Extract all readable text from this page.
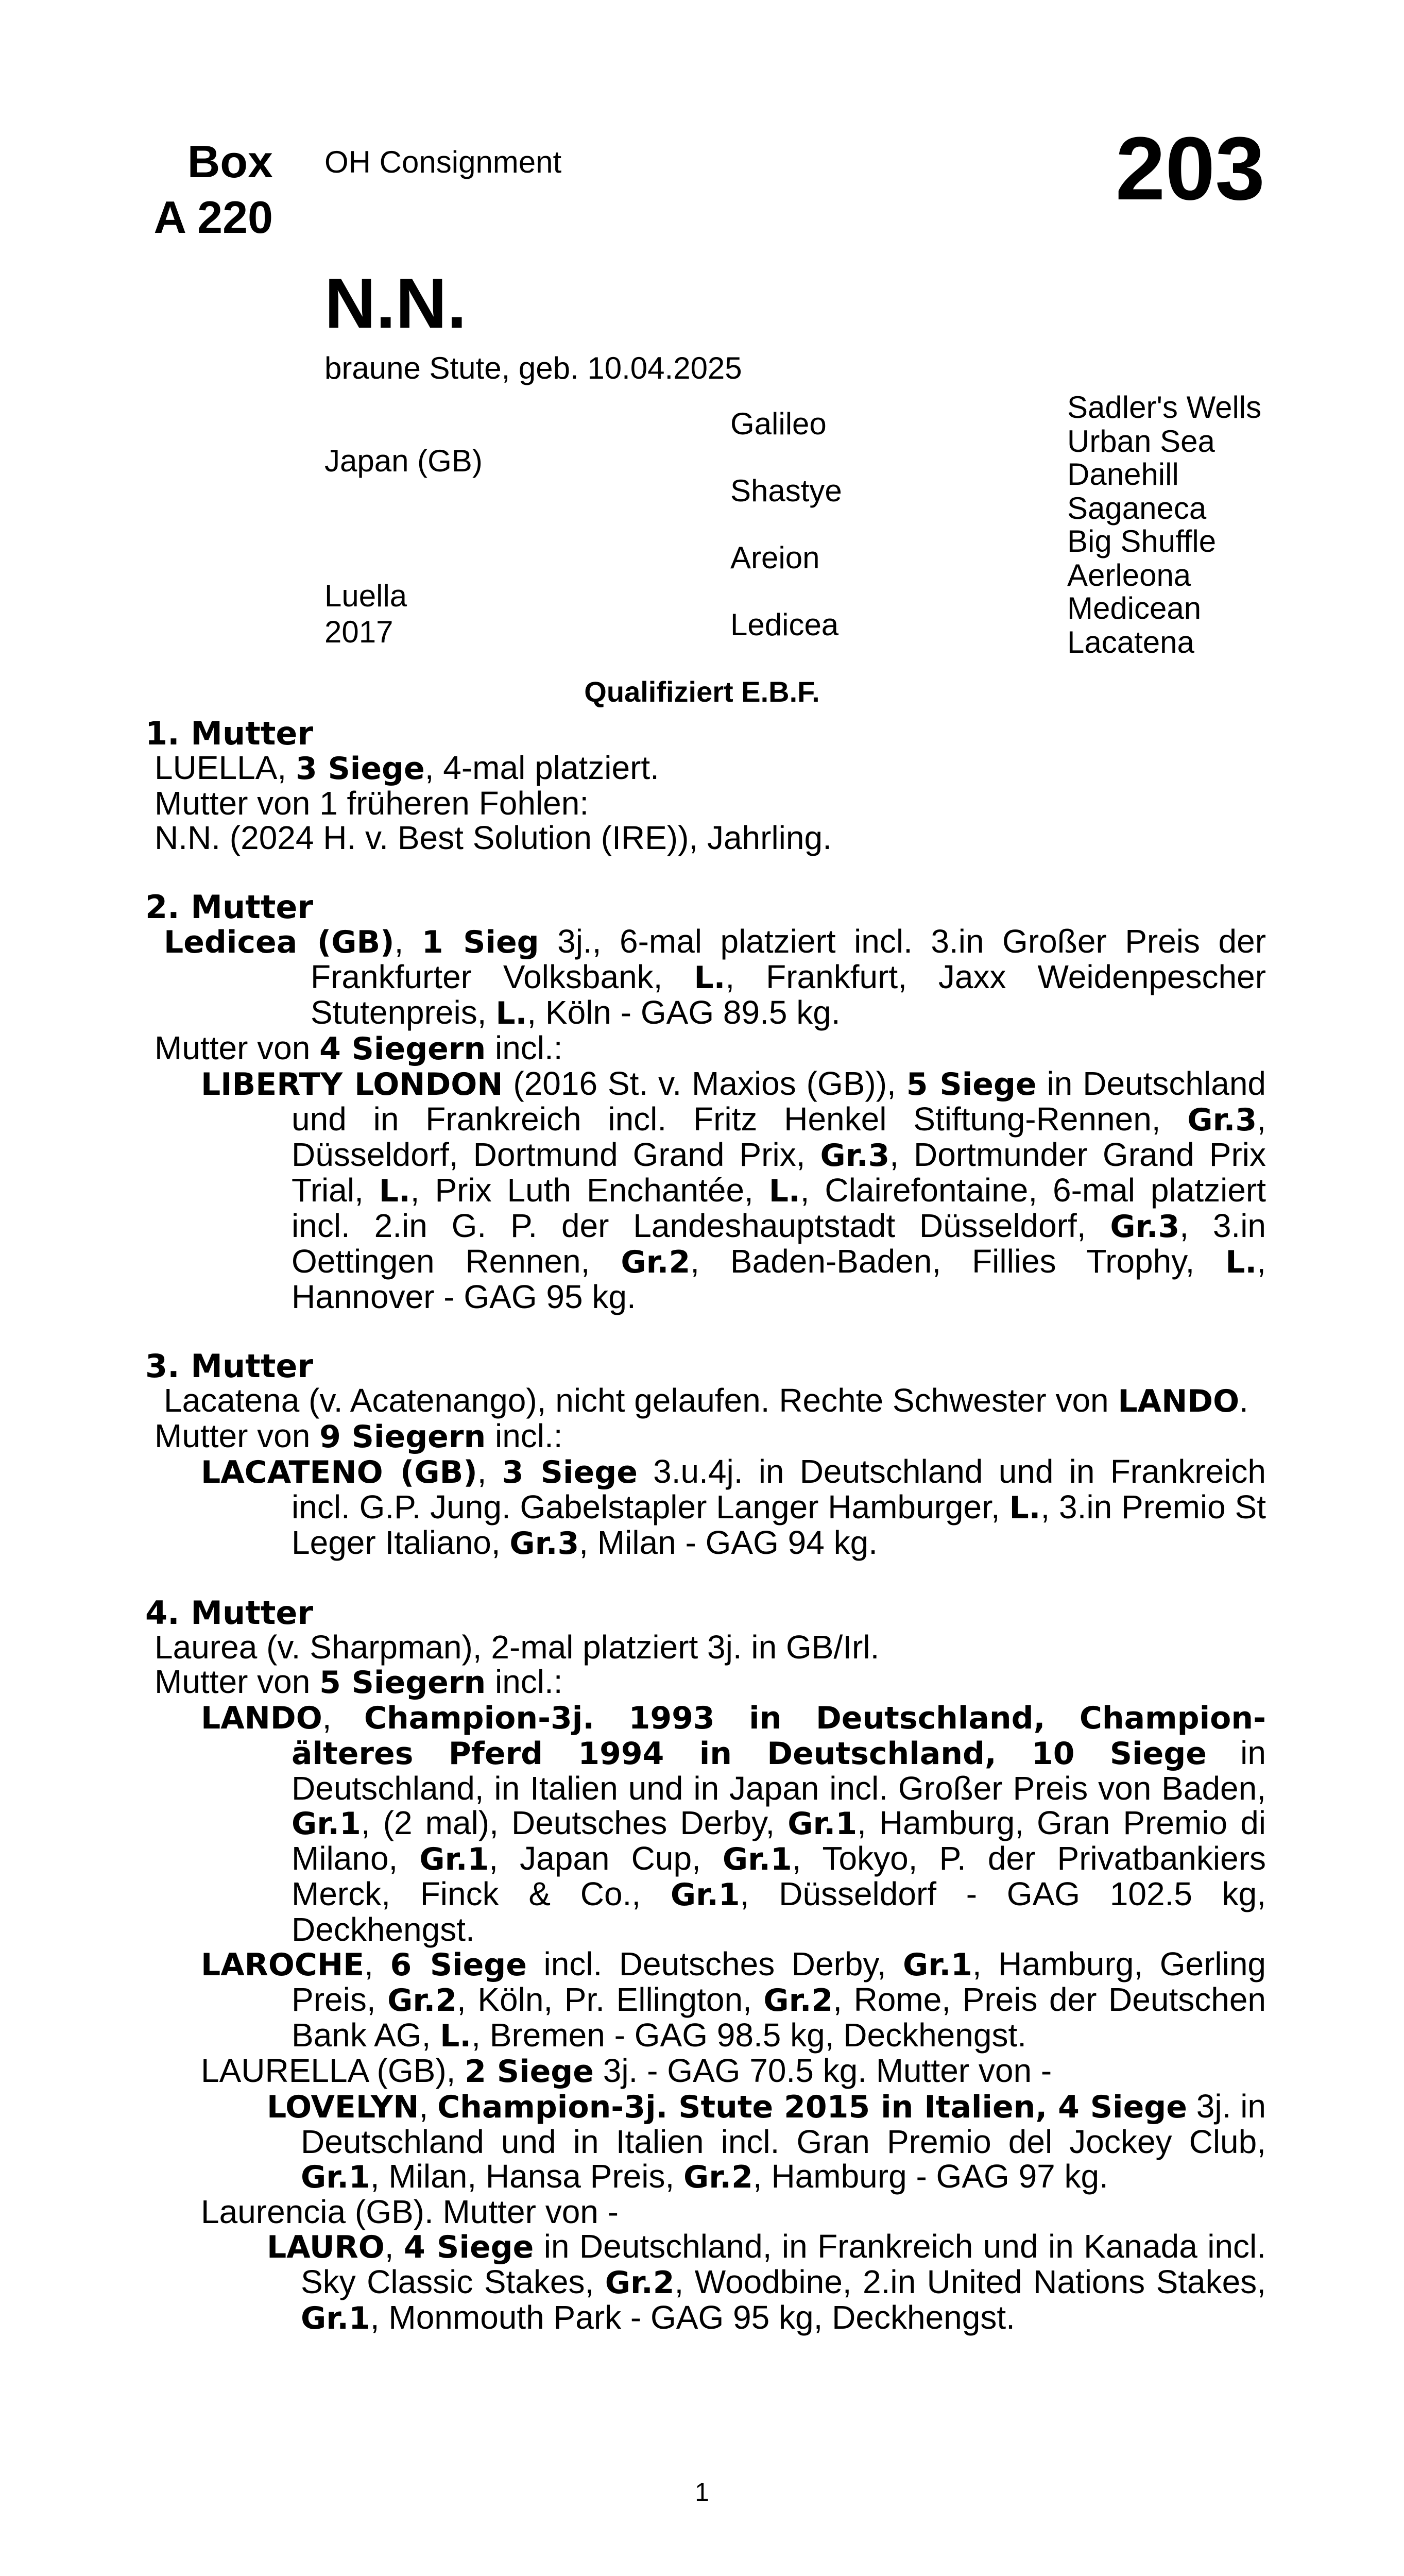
Box
A 220
OH Consignment	203
N.N.
braune Stute, geb. 10.04.2025
Japan (GB)
Luella
2017
Galileo
Shastye
Areion
Ledicea
Sadler's Wells
Urban Sea
Danehill
Saganeca
Big Shuffle
Aerleona
Medicean
Lacatena
Qualifiziert E.B.F.
1. Mutter
LUELLA, 3 Siege, 4-mal platziert.
Mutter von 1 früheren Fohlen:
N.N. (2024 H. v. Best Solution (IRE)), Jahrling.
2. Mutter
Ledicea (GB), 1 Sieg 3j., 6-mal platziert incl. 3.in Großer Preis der Frankfurter Volksbank, L., Frankfurt, Jaxx Weidenpescher Stutenpreis, L., Köln - GAG 89.5 kg.
Mutter von 4 Siegern incl.:
LIBERTY LONDON (2016 St. v. Maxios (GB)), 5 Siege in Deutschland und in Frankreich incl. Fritz Henkel Stiftung-Rennen, Gr.3, Düsseldorf, Dortmund Grand Prix, Gr.3, Dortmunder Grand Prix Trial, L., Prix Luth Enchantée, L., Clairefontaine, 6-mal platziert incl. 2.in G. P. der Landeshauptstadt Düsseldorf, Gr.3, 3.in Oettingen Rennen, Gr.2, Baden-Baden, Fillies Trophy, L., Hannover - GAG 95 kg.
3. Mutter
Lacatena (v. Acatenango), nicht gelaufen. Rechte Schwester von LANDO.
Mutter von 9 Siegern incl.:
LACATENO (GB), 3 Siege 3.u.4j. in Deutschland und in Frankreich incl. G.P. Jung. Gabelstapler Langer Hamburger, L., 3.in Premio St Leger Italiano, Gr.3, Milan - GAG 94 kg.
4. Mutter
Laurea (v. Sharpman), 2-mal platziert 3j. in GB/Irl.
Mutter von 5 Siegern incl.:
LANDO, Champion-3j. 1993 in Deutschland, Champion-älteres Pferd 1994 in Deutschland, 10 Siege in Deutschland, in Italien und in Japan incl. Großer Preis von Baden, Gr.1, (2 mal), Deutsches Derby, Gr.1, Hamburg, Gran Premio di Milano, Gr.1, Japan Cup, Gr.1, Tokyo, P. der Privatbankiers Merck, Finck & Co., Gr.1, Düsseldorf - GAG 102.5 kg, Deckhengst.
LAROCHE, 6 Siege incl. Deutsches Derby, Gr.1, Hamburg, Gerling Preis, Gr.2, Köln, Pr. Ellington, Gr.2, Rome, Preis der Deutschen Bank AG, L., Bremen - GAG 98.5 kg, Deckhengst.
LAURELLA (GB), 2 Siege 3j. - GAG 70.5 kg. Mutter von -
LOVELYN, Champion-3j. Stute 2015 in Italien, 4 Siege 3j. in Deutschland und in Italien incl. Gran Premio del Jockey Club, Gr.1, Milan, Hansa Preis, Gr.2, Hamburg - GAG 97 kg.
Laurencia (GB). Mutter von -
LAURO, 4 Siege in Deutschland, in Frankreich und in Kanada incl. Sky Classic Stakes, Gr.2, Woodbine, 2.in United Nations Stakes, Gr.1, Monmouth Park - GAG 95 kg, Deckhengst.
1
